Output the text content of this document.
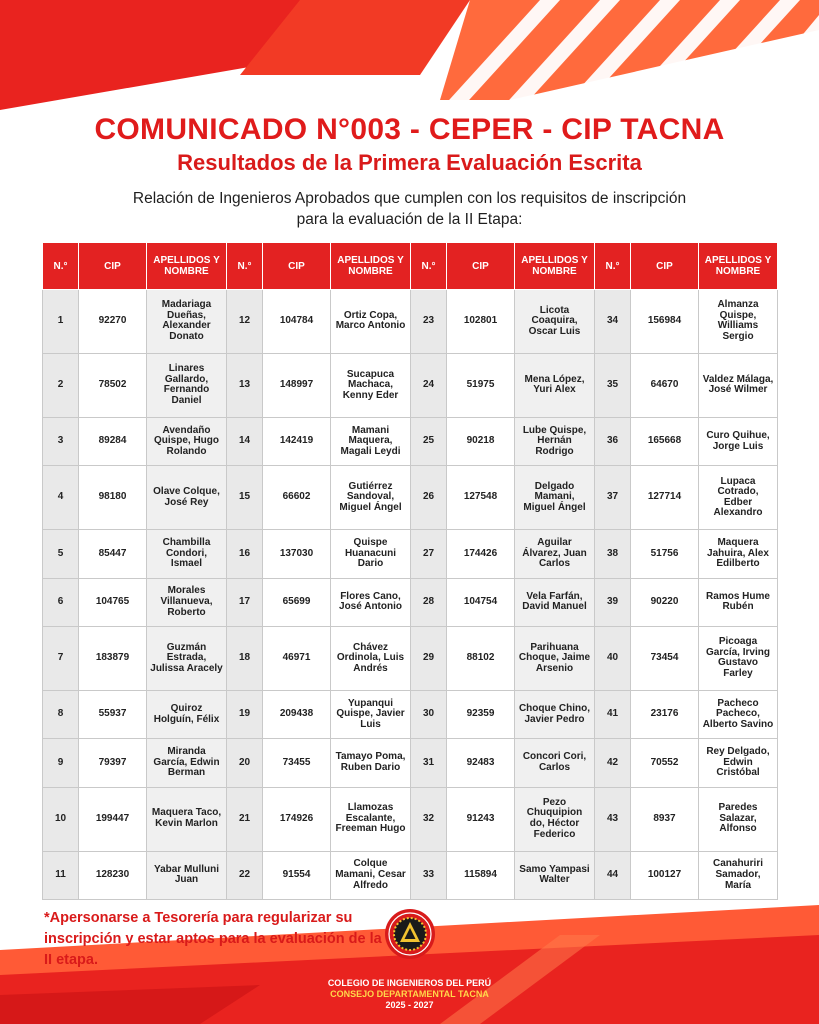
COMUNICADO N°003 - CEPER - CIP TACNA
Resultados de la Primera Evaluación Escrita

Relación de Ingenieros Aprobados que cumplen con los requisitos de inscripción para la evaluación de la II Etapa:

N.°	CIP	APELLIDOS Y NOMBRE	N.°	CIP	APELLIDOS Y NOMBRE	N.°	CIP	APELLIDOS Y NOMBRE	N.°	CIP	APELLIDOS Y NOMBRE
1	92270	Madariaga Dueñas, Alexander Donato	12	104784	Ortiz Copa, Marco Antonio	23	102801	Licota Coaquira, Oscar Luis	34	156984	Almanza Quispe, Williams Sergio
2	78502	Linares Gallardo, Fernando Daniel	13	148997	Sucapuca Machaca, Kenny Eder	24	51975	Mena López, Yuri Alex	35	64670	Valdez Málaga, José Wilmer
3	89284	Avendaño Quispe, Hugo Rolando	14	142419	Mamani Maquera, Magali Leydi	25	90218	Lube Quispe, Hernán Rodrigo	36	165668	Curo Quihue, Jorge Luis
4	98180	Olave Colque, José Rey	15	66602	Gutiérrez Sandoval, Miguel Ángel	26	127548	Delgado Mamani, Miguel Ángel	37	127714	Lupaca Cotrado, Edber Alexandro
5	85447	Chambilla Condori, Ismael	16	137030	Quispe Huanacuni Dario	27	174426	Aguilar Álvarez, Juan Carlos	38	51756	Maquera Jahuira, Alex Edilberto
6	104765	Morales Villanueva, Roberto	17	65699	Flores Cano, José Antonio	28	104754	Vela Farfán, David Manuel	39	90220	Ramos Hume Rubén
7	183879	Guzmán Estrada, Julissa Aracely	18	46971	Chávez Ordinola, Luis Andrés	29	88102	Parihuana Choque, Jaime Arsenio	40	73454	Picoaga García, Irving Gustavo Farley
8	55937	Quiroz Holguín, Félix	19	209438	Yupanqui Quispe, Javier Luis	30	92359	Choque Chino, Javier Pedro	41	23176	Pacheco Pacheco, Alberto Savino
9	79397	Miranda García, Edwin Berman	20	73455	Tamayo Poma, Ruben Dario	31	92483	Concori Cori, Carlos	42	70552	Rey Delgado, Edwin Cristóbal
10	199447	Maquera Taco, Kevin Marlon	21	174926	Llamozas Escalante, Freeman Hugo	32	91243	Pezo Chuquipion do, Héctor Federico	43	8937	Paredes Salazar, Alfonso
11	128230	Yabar Mulluni Juan	22	91554	Colque Mamani, Cesar Alfredo	33	115894	Samo Yampasi Walter	44	100127	Canahuriri Samador, María
*Apersonarse a Tesorería para regularizar su inscripción y estar aptos para la evaluación de la II etapa.
COLEGIO DE INGENIEROS DEL PERÚ
CONSEJO DEPARTAMENTAL TACNA
2025 - 2027
